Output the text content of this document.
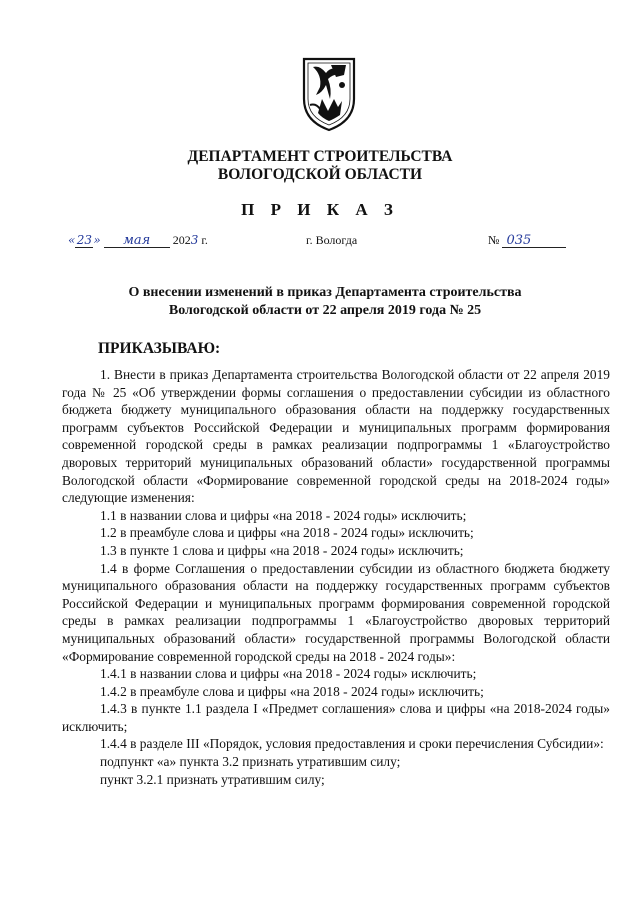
ДЕПАРТАМЕНТ СТРОИТЕЛЬСТВА
ВОЛОГОДСКОЙ ОБЛАСТИ
П Р И К А З
«23» мая 2023 г.	г. Вологда	№ 035
О внесении изменений в приказ Департамента строительства
Вологодской области от 22 апреля 2019 года № 25
ПРИКАЗЫВАЮ:

1. Внести в приказ Департамента строительства Вологодской области от 22 апреля 2019 года № 25 «Об утверждении формы соглашения о предоставлении субсидии из областного бюджета бюджету муниципального образования области на поддержку государственных программ субъектов Российской Федерации и муниципальных программ формирования современной городской среды в рамках реализации подпрограммы 1 «Благоустройство дворовых территорий муниципальных образований области» государственной программы Вологодской области «Формирование современной городской среды на 2018-2024 годы» следующие изменения:

1.1 в названии слова и цифры «на 2018 - 2024 годы» исключить;

1.2 в преамбуле слова и цифры «на 2018 - 2024 годы» исключить;

1.3 в пункте 1 слова и цифры «на 2018 - 2024 годы» исключить;

1.4 в форме Соглашения о предоставлении субсидии из областного бюджета бюджету муниципального образования области на поддержку государственных программ субъектов Российской Федерации и муниципальных программ формирования современной городской среды в рамках реализации подпрограммы 1 «Благоустройство дворовых территорий муниципальных образований области» государственной программы Вологодской области «Формирование современной городской среды на 2018 - 2024 годы»:

1.4.1 в названии слова и цифры «на 2018 - 2024 годы» исключить;

1.4.2 в преамбуле слова и цифры «на 2018 - 2024 годы» исключить;

1.4.3 в пункте 1.1 раздела I «Предмет соглашения» слова и цифры «на 2018-2024 годы» исключить;

1.4.4 в разделе III «Порядок, условия предоставления и сроки перечисления Субсидии»:

подпункт «а» пункта 3.2 признать утратившим силу;

пункт 3.2.1 признать утратившим силу;
